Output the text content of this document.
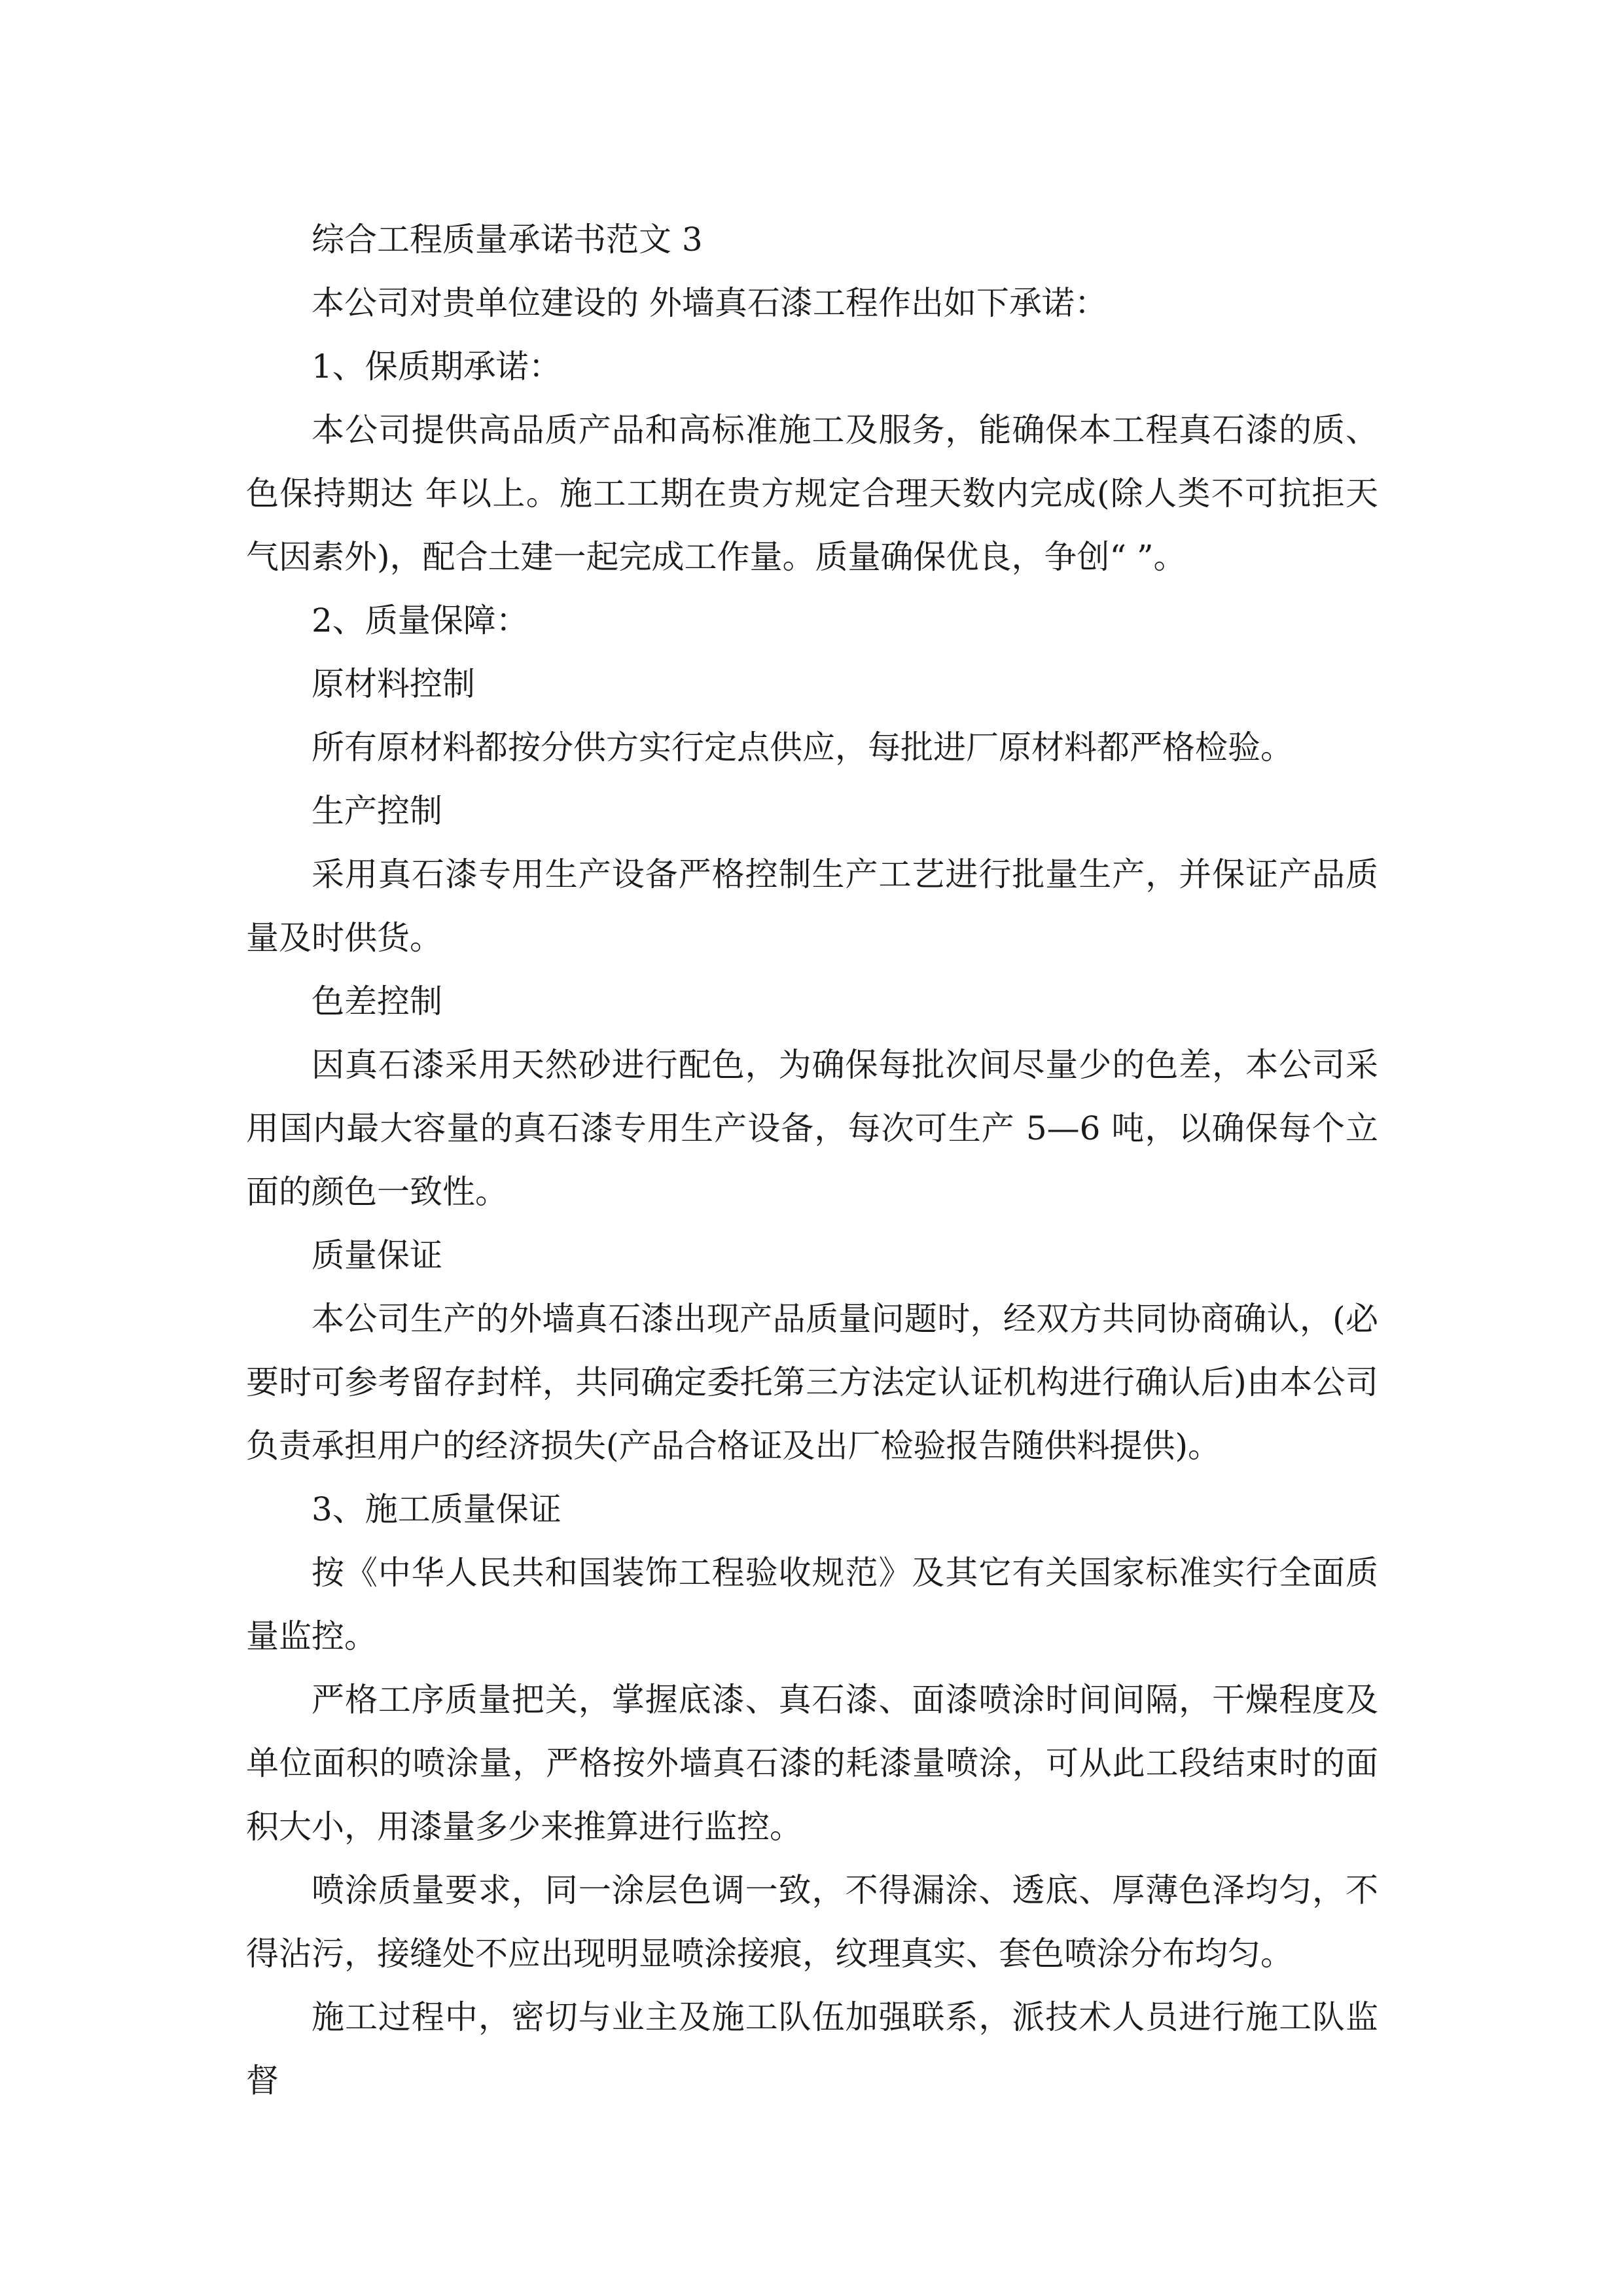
综合工程质量承诺书范文 3

本公司对贵单位建设的 外墙真石漆工程作出如下承诺：

1、保质期承诺：

本公司提供高品质产品和高标准施工及服务，能确保本工程真石漆的质、色保持期达 年以上。施工工期在贵方规定合理天数内完成(除人类不可抗拒天气因素外)，配合土建一起完成工作量。质量确保优良，争创“ ”。

2、质量保障：

原材料控制

所有原材料都按分供方实行定点供应，每批进厂原材料都严格检验。

生产控制

采用真石漆专用生产设备严格控制生产工艺进行批量生产，并保证产品质量及时供货。

色差控制

因真石漆采用天然砂进行配色，为确保每批次间尽量少的色差，本公司采用国内最大容量的真石漆专用生产设备，每次可生产 5—6 吨，以确保每个立面的颜色一致性。

质量保证

本公司生产的外墙真石漆出现产品质量问题时，经双方共同协商确认，(必要时可参考留存封样，共同确定委托第三方法定认证机构进行确认后)由本公司负责承担用户的经济损失(产品合格证及出厂检验报告随供料提供)。

3、施工质量保证

按《中华人民共和国装饰工程验收规范》及其它有关国家标准实行全面质量监控。

严格工序质量把关，掌握底漆、真石漆、面漆喷涂时间间隔，干燥程度及单位面积的喷涂量，严格按外墙真石漆的耗漆量喷涂，可从此工段结束时的面积大小，用漆量多少来推算进行监控。

喷涂质量要求，同一涂层色调一致，不得漏涂、透底、厚薄色泽均匀，不得沾污，接缝处不应出现明显喷涂接痕，纹理真实、套色喷涂分布均匀。

施工过程中，密切与业主及施工队伍加强联系，派技术人员进行施工队监督
